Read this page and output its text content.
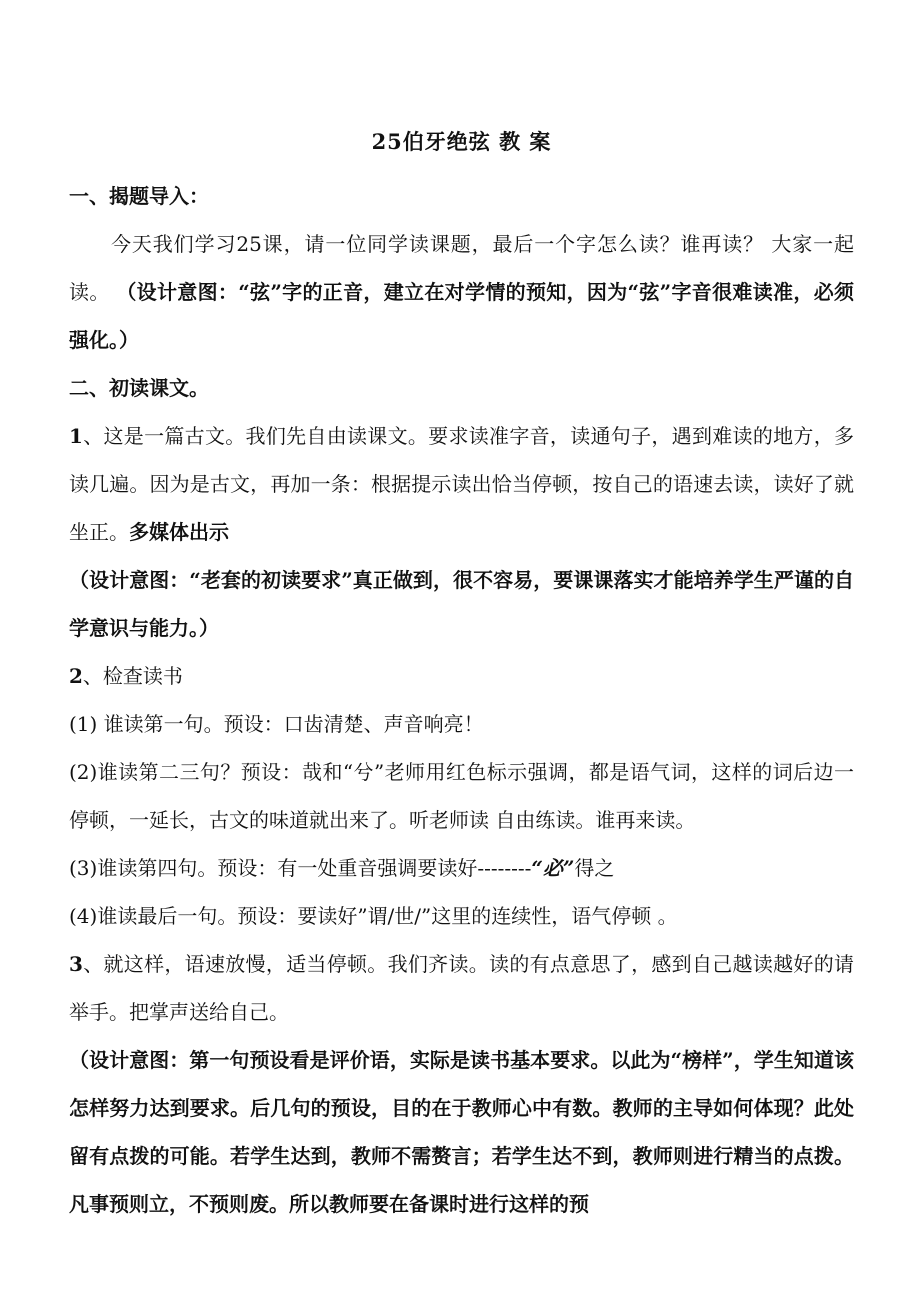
25伯牙绝弦 教 案

一、揭题导入：

今天我们学习25课，请一位同学读课题，最后一个字怎么读？谁再读？ 大家一起读。 （设计意图：“弦”字的正音，建立在对学情的预知，因为“弦”字音很难读准，必须强化。）

二、初读课文。

1、这是一篇古文。我们先自由读课文。要求读准字音，读通句子，遇到难读的地方，多读几遍。因为是古文，再加一条：根据提示读出恰当停顿，按自己的语速去读，读好了就坐正。多媒体出示

（设计意图：“老套的初读要求”真正做到，很不容易，要课课落实才能培养学生严谨的自学意识与能力。）

2、检查读书

(1) 谁读第一句。预设：口齿清楚、声音响亮！

(2)谁读第二三句？预设：哉和“兮”老师用红色标示强调，都是语气词，这样的词后边一停顿，一延长，古文的味道就出来了。听老师读 自由练读。谁再来读。

(3)谁读第四句。预设：有一处重音强调要读好--------“必”得之

(4)谁读最后一句。预设：要读好”谓/世/”这里的连续性，语气停顿 。

3、就这样，语速放慢，适当停顿。我们齐读。读的有点意思了，感到自己越读越好的请举手。把掌声送给自己。

（设计意图：第一句预设看是评价语，实际是读书基本要求。以此为“榜样”，学生知道该怎样努力达到要求。后几句的预设，目的在于教师心中有数。教师的主导如何体现？此处留有点拨的可能。若学生达到，教师不需赘言；若学生达不到，教师则进行精当的点拨。凡事预则立，不预则废。所以教师要在备课时进行这样的预
